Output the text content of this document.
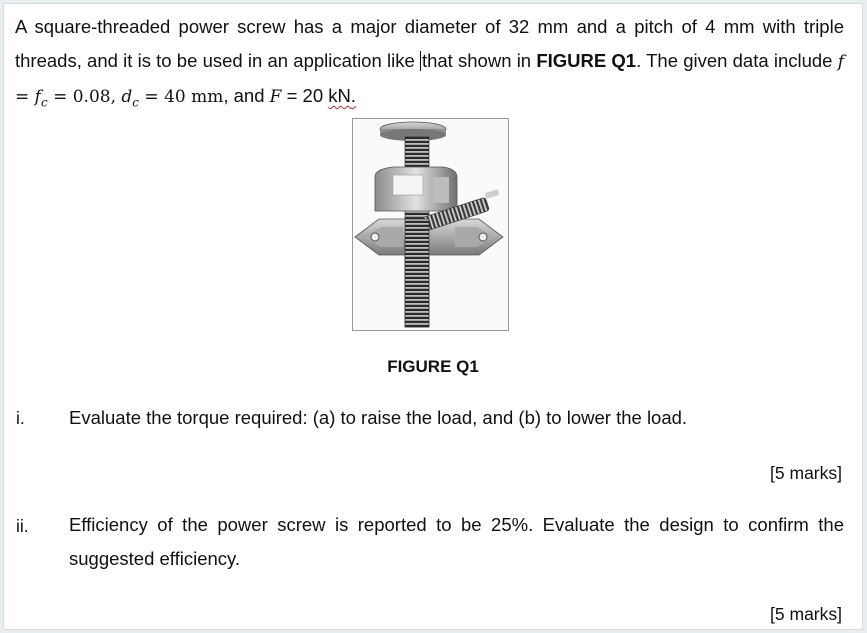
A square-threaded power screw has a major diameter of 32 mm and a pitch of 4 mm with triple threads, and it is to be used in an application like that shown in FIGURE Q1. The given data include $f = f_c = 0.08$, $d_c = 40$ mm, and F = 20 kN.
FIGURE Q1
i. Evaluate the torque required: (a) to raise the load, and (b) to lower the load.
[5 marks]
ii. Efficiency of the power screw is reported to be 25%. Evaluate the design to confirm the suggested efficiency.
[5 marks]
